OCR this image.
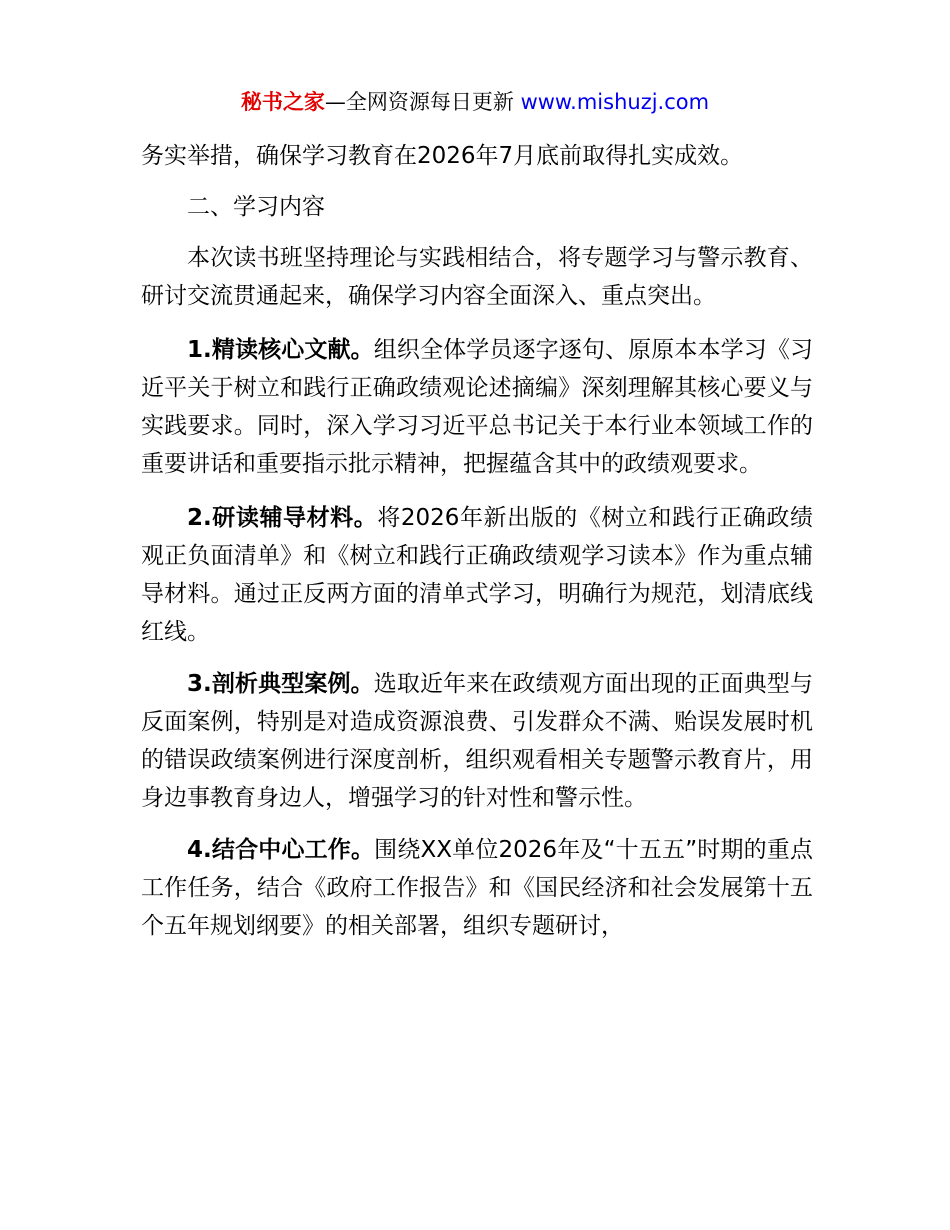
秘书之家—全网资源每日更新 www.mishuzj.com

务实举措，确保学习教育在2026年7月底前取得扎实成效。

二、学习内容

本次读书班坚持理论与实践相结合，将专题学习与警示教育、研讨交流贯通起来，确保学习内容全面深入、重点突出。

1.精读核心文献。组织全体学员逐字逐句、原原本本学习《习近平关于树立和践行正确政绩观论述摘编》深刻理解其核心要义与实践要求。同时，深入学习习近平总书记关于本行业本领域工作的重要讲话和重要指示批示精神，把握蕴含其中的政绩观要求。

2.研读辅导材料。将2026年新出版的《树立和践行正确政绩观正负面清单》和《树立和践行正确政绩观学习读本》作为重点辅导材料。通过正反两方面的清单式学习，明确行为规范，划清底线红线。

3.剖析典型案例。选取近年来在政绩观方面出现的正面典型与反面案例，特别是对造成资源浪费、引发群众不满、贻误发展时机的错误政绩案例进行深度剖析，组织观看相关专题警示教育片，用身边事教育身边人，增强学习的针对性和警示性。

4.结合中心工作。围绕XX单位2026年及“十五五”时期的重点工作任务，结合《政府工作报告》和《国民经济和社会发展第十五个五年规划纲要》的相关部署，组织专题研讨，
